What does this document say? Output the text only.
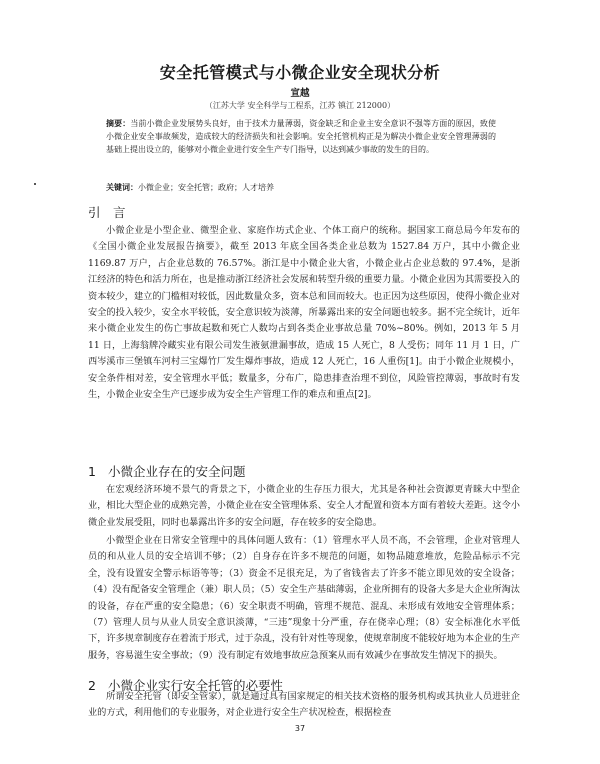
安全托管模式与小微企业安全现状分析
宣越
（江苏大学 安全科学与工程系，江苏 镇江 212000）
摘要：当前小微企业发展势头良好，由于技术力量薄弱，资金缺乏和企业主安全意识不强等方面的原因，致使小微企业安全事故频发，造成较大的经济损失和社会影响。安全托管机构正是为解决小微企业安全管理薄弱的基础上提出设立的，能够对小微企业进行安全生产专门指导，以达到减少事故的发生的目的。
关键词：小微企业；安全托管；政府；人才培养
引　言
小微企业是小型企业、微型企业、家庭作坊式企业、个体工商户的统称。据国家工商总局今年发布的《全国小微企业发展报告摘要》，截至 2013 年底全国各类企业总数为 1527.84 万户，其中小微企业 1169.87 万户，占企业总数的 76.57%。浙江是中小微企业大省，小微企业占企业总数的 97.4%，是浙江经济的特色和活力所在，也是推动浙江经济社会发展和转型升级的重要力量。小微企业因为其需要投入的资本较少，建立的门槛相对较低，因此数量众多，资本总和回而较大。也正因为这些原因，使得小微企业对安全的投入较少，安全水平较低，安全意识较为淡薄，所暴露出来的安全问题也较多。据不完全统计，近年来小微企业发生的伤亡事故起数和死亡人数均占到各类企业事故总量 70%~80%。例如，2013 年 5 月 11 日，上海翁牌冷藏实业有限公司发生液氨泄漏事故，造成 15 人死亡，8 人受伤；同年 11 月 1 日，广西岑溪市三堡镇车河村三宝爆竹厂发生爆炸事故，造成 12 人死亡，16 人重伤[1]。由于小微企业规模小，安全条件相对差，安全管理水平低；数量多，分布广，隐患排查治理不到位，风险管控薄弱，事故时有发生，小微企业安全生产已逐步成为安全生产管理工作的难点和重点[2]。
1 小微企业存在的安全问题
在宏观经济环境不景气的背景之下，小微企业的生存压力很大，尤其是各种社会资源更青睐大中型企业，相比大型企业的成熟完善，小微企业在安全管理体系、安全人才配置和资本方面有着较大差距。这令小微企业发展受阻，同时也暴露出许多的安全问题，存在较多的安全隐患。
小微型企业在日常安全管理中的具体问题人致有：（1）管理水平人员不高，不会管理，企业对管理人员的和从业人员的安全培训不够；（2）自身存在许多不规范的问题，如物品随意堆放，危险品标示不完全，没有设置安全警示标语等等；（3）资金不足很充足，为了省钱省去了许多不能立即见效的安全设备；（4）没有配备安全管理企（兼）职人员；（5）安全生产基础薄弱，企业所拥有的设备大多是大企业所淘汰的设备，存在严重的安全隐患；（6）安全职责不明确，管理不规范、混乱、未形成有效地安全管理体系；（7）管理人员与从业人员安全意识淡薄，“三违”现象十分严重，存在侥幸心理；（8）安全标准化水平低下，许多规章制度存在着流于形式，过于杂乱，没有针对性等现象，使规章制度不能较好地为本企业的生产服务，容易滋生安全事故；（9）没有制定有效地事故应急预案从而有效减少在事故发生情况下的损失。
2 小微企业实行安全托管的必要性
所谓安全托管（即安全管家），就是通过具有国家规定的相关技术资格的服务机构或其执业人员进驻企业的方式，利用他们的专业服务，对企业进行安全生产状况检查，根据检查
37
